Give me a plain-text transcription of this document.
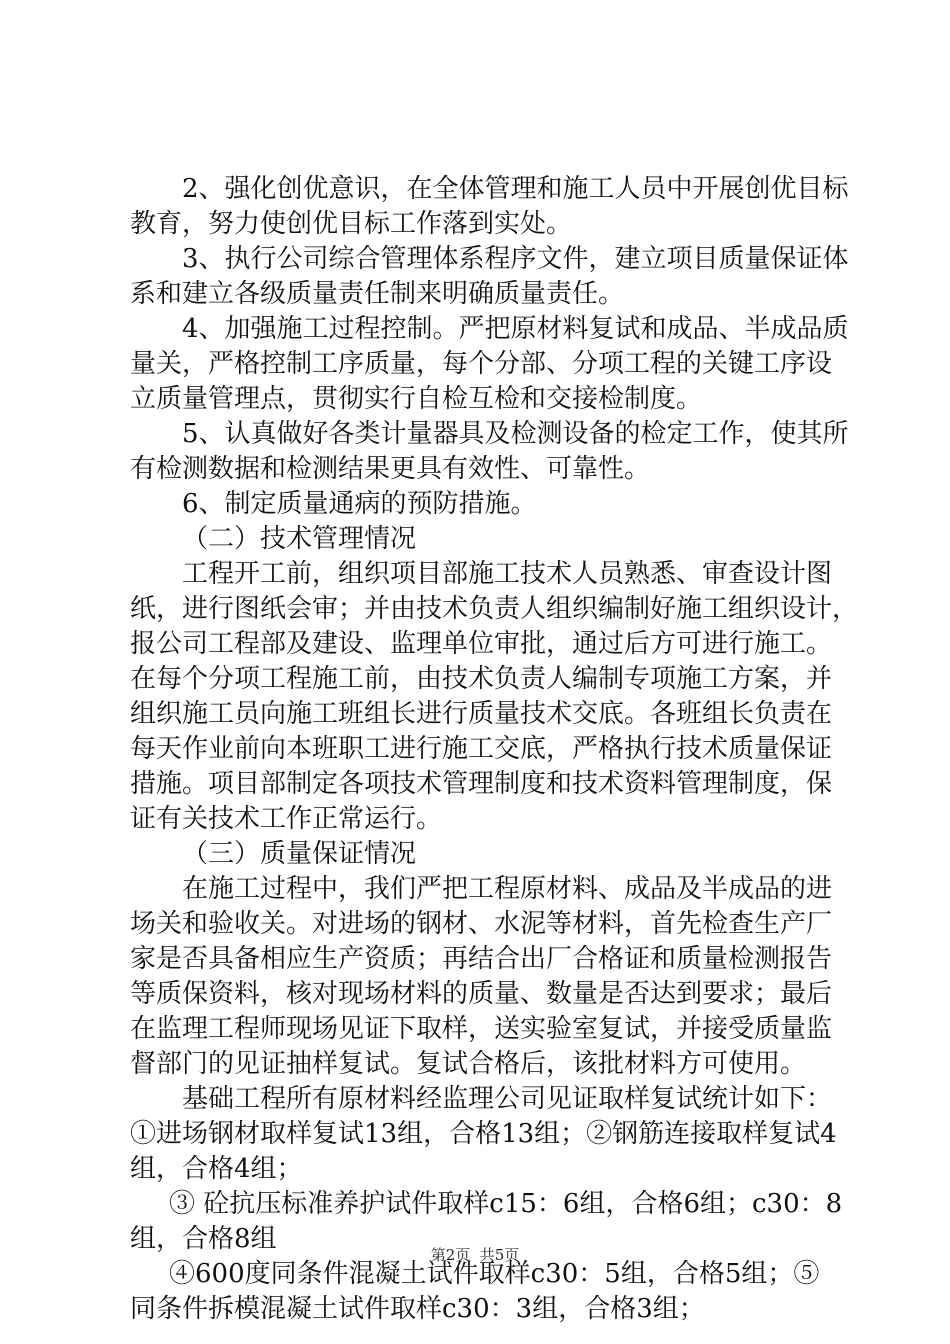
2、强化创优意识，在全体管理和施工人员中开展创优目标
教育，努力使创优目标工作落到实处。
3、执行公司综合管理体系程序文件，建立项目质量保证体
系和建立各级质量责任制来明确质量责任。
4、加强施工过程控制。严把原材料复试和成品、半成品质
量关，严格控制工序质量，每个分部、分项工程的关键工序设
立质量管理点，贯彻实行自检互检和交接检制度。
5、认真做好各类计量器具及检测设备的检定工作，使其所
有检测数据和检测结果更具有效性、可靠性。
6、制定质量通病的预防措施。
（二）技术管理情况
工程开工前，组织项目部施工技术人员熟悉、审查设计图
纸，进行图纸会审；并由技术负责人组织编制好施工组织设计，
报公司工程部及建设、监理单位审批，通过后方可进行施工。
在每个分项工程施工前，由技术负责人编制专项施工方案，并
组织施工员向施工班组长进行质量技术交底。各班组长负责在
每天作业前向本班职工进行施工交底，严格执行技术质量保证
措施。项目部制定各项技术管理制度和技术资料管理制度，保
证有关技术工作正常运行。
（三）质量保证情况
在施工过程中，我们严把工程原材料、成品及半成品的进
场关和验收关。对进场的钢材、水泥等材料，首先检查生产厂
家是否具备相应生产资质；再结合出厂合格证和质量检测报告
等质保资料，核对现场材料的质量、数量是否达到要求；最后
在监理工程师现场见证下取样，送实验室复试，并接受质量监
督部门的见证抽样复试。复试合格后，该批材料方可使用。
基础工程所有原材料经监理公司见证取样复试统计如下：
①进场钢材取样复试13组，合格13组；②钢筋连接取样复试4
组，合格4组；
③ 砼抗压标准养护试件取样c15：6组，合格6组；c30：8
组，合格8组
④600度同条件混凝土试件取样c30：5组，合格5组；⑤
同条件拆模混凝土试件取样c30：3组，合格3组；
第2页  共5页
